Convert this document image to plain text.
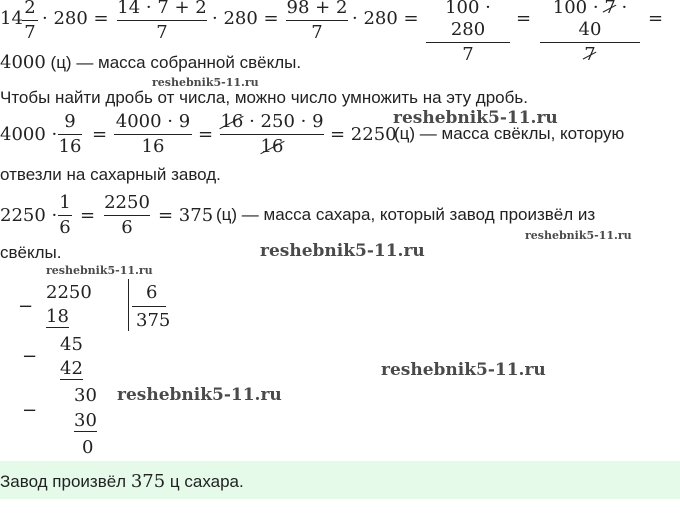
14
2
7
· 280 =
14 · 7 + 2
7
· 280 =
98 + 2
7
· 280 =
100 · 280
7
=
100 · 7 · 40
7
=
4000 (ц) — масса собранной свёклы.
reshebnik5-11.ru
Чтобы найти дробь от числа, можно число умножить на эту дробь.
reshebnik5-11.ru
4000 ·
9
16
=
4000 · 9
16
=
16 · 250 · 9
16
= 2250
(ц) — масса свёклы, которую
отвезли на сахарный завод.
2250 ·
1
6
=
2250
6
= 375 (ц) — масса сахара, который завод произвёл из
reshebnik5-11.ru
свёклы.	reshebnik5-11.ru
reshebnik5-11.ru
−
2250
18
6
375
−
45
42
−
30
30
0
reshebnik5-11.ru
reshebnik5-11.ru
Завод произвёл 375 ц сахара.
